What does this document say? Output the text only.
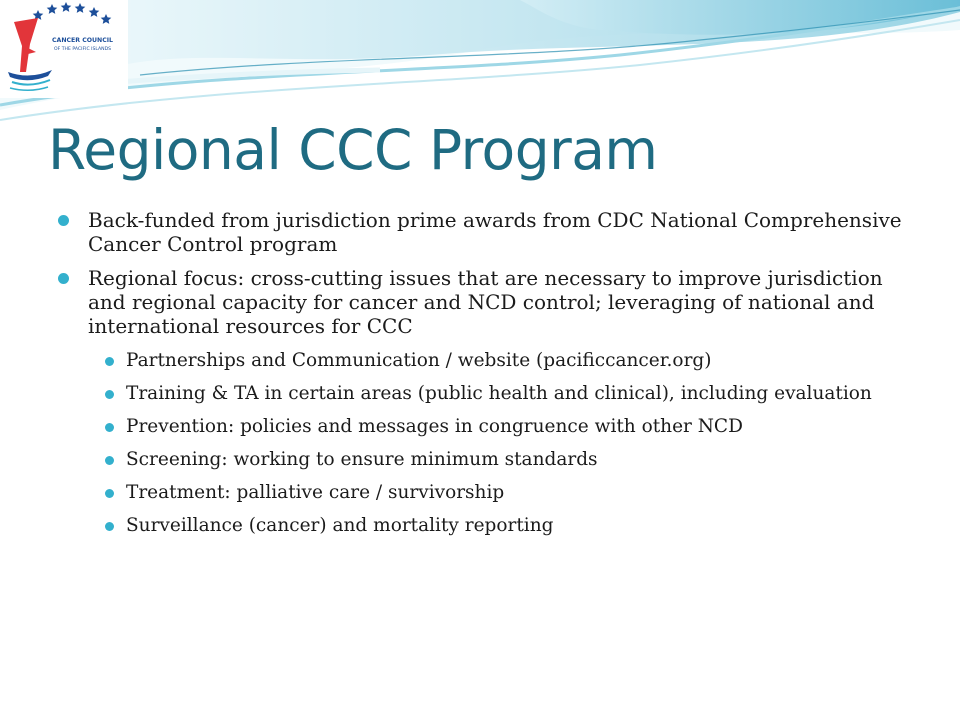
CANCER COUNCIL
OF THE PACIFIC ISLANDS
Regional CCC Program
Back-funded from jurisdiction prime awards from CDC National Comprehensive Cancer Control program
Regional focus: cross-cutting issues that are necessary to improve jurisdiction and regional capacity for cancer and NCD control; leveraging of national and international resources for CCC
Partnerships and Communication / website (pacificcancer.org)
Training & TA in certain areas (public health and clinical), including evaluation
Prevention: policies and messages in congruence with other NCD
Screening: working to ensure minimum standards
Treatment: palliative care / survivorship
Surveillance (cancer) and mortality reporting
